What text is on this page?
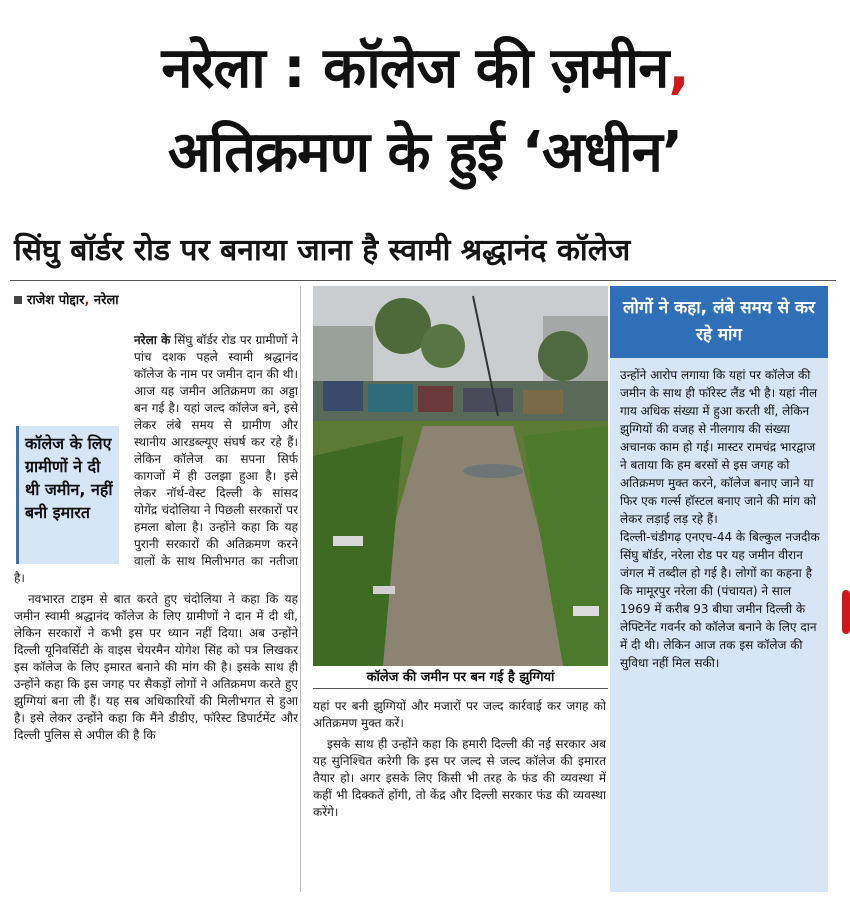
नरेला : कॉलेज की ज़मीन,
अतिक्रमण के हुई ‘अधीन’
सिंघु बॉर्डर रोड पर बनाया जाना है स्वामी श्रद्धानंद कॉलेज
राजेश पोद्दार, नरेला

नरेला के सिंघु बॉर्डर रोड पर ग्रामीणों ने पांच दशक पहले स्वामी श्रद्धानंद कॉलेज के नाम पर जमीन दान की थी। आज यह जमीन अतिक्रमण का अड्डा बन गई है। यहां जल्द कॉलेज बने, इसे लेकर लंबे समय से ग्रामीण और स्थानीय आरडब्ल्यूए संघर्ष कर रहे हैं। लेकिन कॉलेज का सपना सिर्फ कागजों में ही उलझा हुआ है। इसे लेकर नॉर्थ-वेस्ट दिल्ली के सांसद योगेंद्र चंदोलिया ने पिछली सरकारों पर हमला बोला है। उन्होंने कहा कि यह पुरानी सरकारों की अतिक्रमण करने वालों के साथ मिलीभगत का नतीजा है।

नवभारत टाइम से बात करते हुए चंदोलिया ने कहा कि यह जमीन स्वामी श्रद्धानंद कॉलेज के लिए ग्रामीणों ने दान में दी थी, लेकिन सरकारों ने कभी इस पर ध्यान नहीं दिया। अब उन्होंने दिल्ली यूनिवर्सिटी के वाइस चेयरमैन योगेश सिंह को पत्र लिखकर इस कॉलेज के लिए इमारत बनाने की मांग की है। इसके साथ ही उन्होंने कहा कि इस जगह पर सैकड़ों लोगों ने अतिक्रमण करते हुए झुग्गियां बना ली हैं। यह सब अधिकारियों की मिलीभगत से हुआ है। इसे लेकर उन्होंने कहा कि मैंने डीडीए, फॉरेस्ट डिपार्टमेंट और दिल्ली पुलिस से अपील की है कि

कॉलेज के लिए ग्रामीणों ने दी थी जमीन, नहीं बनी इमारत
कॉलेज की जमीन पर बन गई है झुग्गियां

यहां पर बनी झुग्गियों और मजारों पर जल्द कार्रवाई कर जगह को अतिक्रमण मुक्त करें।

इसके साथ ही उन्होंने कहा कि हमारी दिल्ली की नई सरकार अब यह सुनिश्चित करेगी कि इस पर जल्द से जल्द कॉलेज की इमारत तैयार हो। अगर इसके लिए किसी भी तरह के फंड की व्यवस्था में कहीं भी दिक्कतें होंगी, तो केंद्र और दिल्ली सरकार फंड की व्यवस्था करेंगे।

लोगों ने कहा, लंबे समय से कर रहे मांग

उन्होंने आरोप लगाया कि यहां पर कॉलेज की जमीन के साथ ही फॉरेस्ट लैंड भी है। यहां नील गाय अधिक संख्या में हुआ करती थीं, लेकिन झुग्गियों की वजह से नीलगाय की संख्या अचानक काम हो गई। मास्टर रामचंद्र भारद्वाज ने बताया कि हम बरसों से इस जगह को अतिक्रमण मुक्त करने, कॉलेज बनाए जाने या फिर एक गर्ल्स हॉस्टल बनाए जाने की मांग को लेकर लड़ाई लड़ रहे हैं।

दिल्ली-चंडीगढ़ एनएच-44 के बिल्कुल नजदीक सिंघु बॉर्डर, नरेला रोड पर यह जमीन वीरान जंगल में तब्दील हो गई है। लोगों का कहना है कि मामूरपुर नरेला की (पंचायत) ने साल 1969 में करीब 93 बीघा जमीन दिल्ली के लेफ्टिनेंट गवर्नर को कॉलेज बनाने के लिए दान में दी थी। लेकिन आज तक इस कॉलेज की सुविधा नहीं मिल सकी।
